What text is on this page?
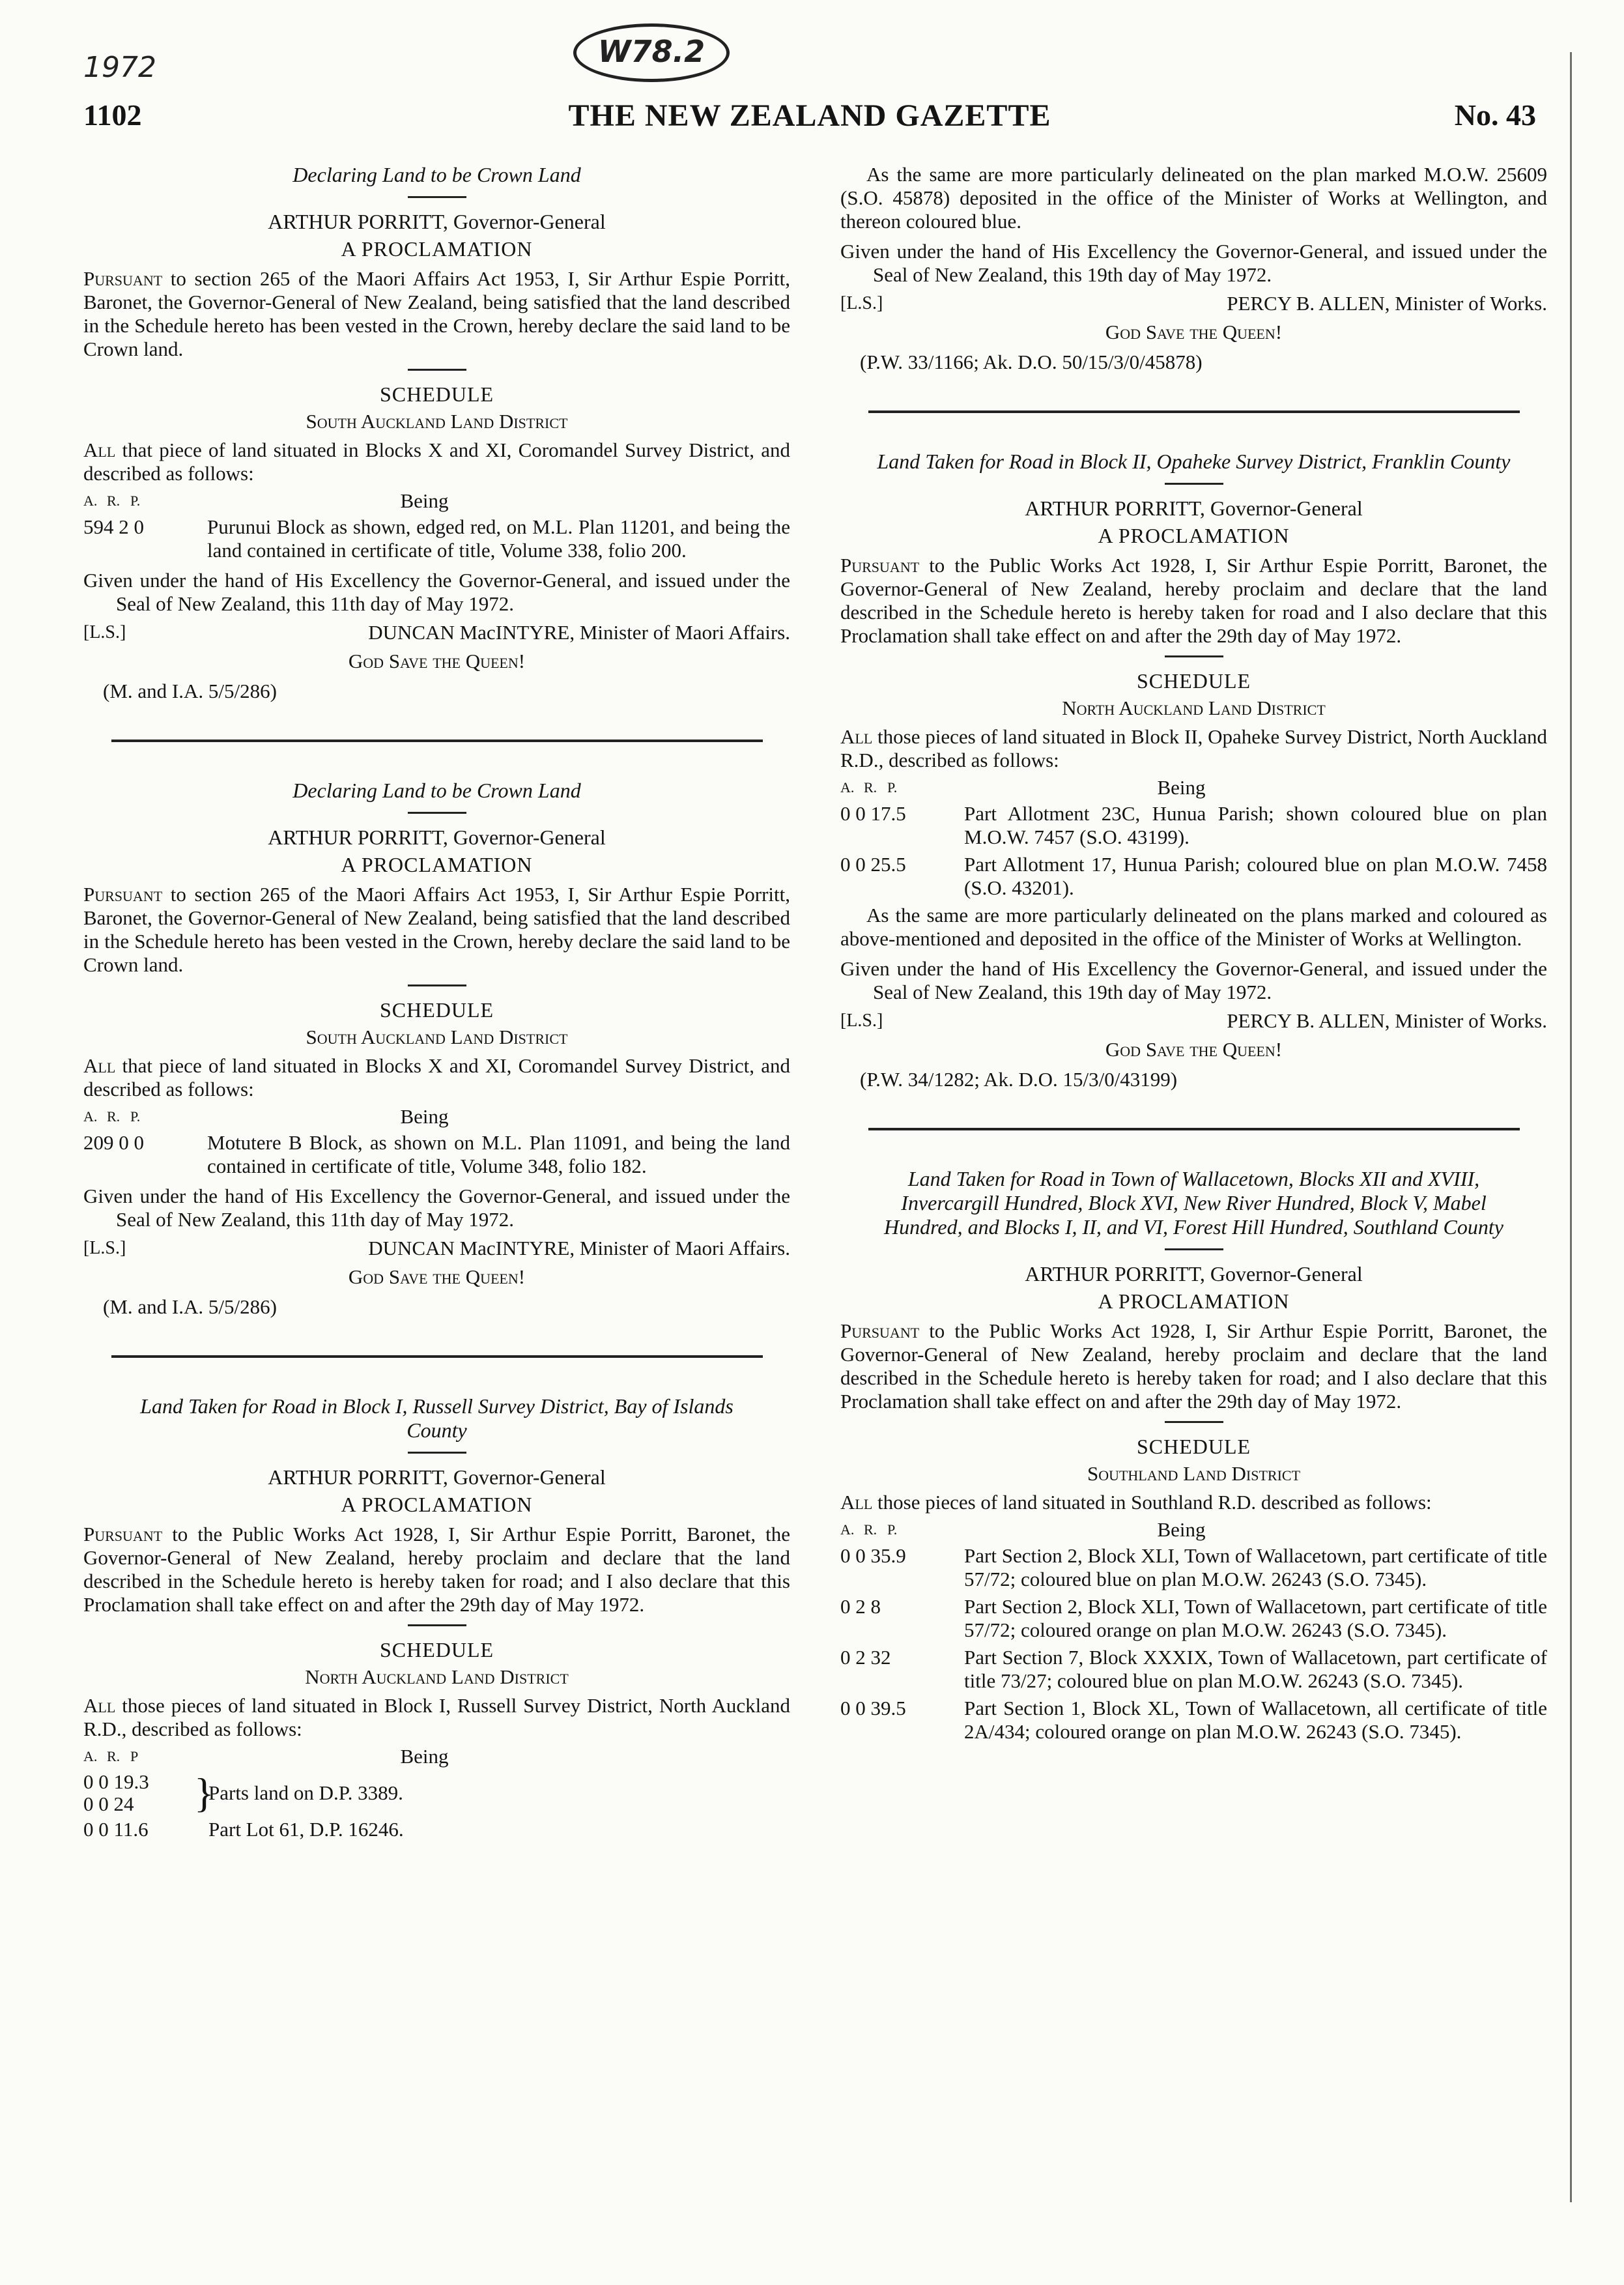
1972	W78.2
1102	THE NEW ZEALAND GAZETTE	No. 43
Declaring Land to be Crown Land
ARTHUR PORRITT, Governor-General
A PROCLAMATION

Pursuant to section 265 of the Maori Affairs Act 1953, I, Sir Arthur Espie Porritt, Baronet, the Governor-General of New Zealand, being satisfied that the land described in the Schedule hereto has been vested in the Crown, hereby declare the said land to be Crown land.

SCHEDULE
South Auckland Land District

All that piece of land situated in Blocks X and XI, Coromandel Survey District, and described as follows:

A. R. P.	Being
594 2 0	Purunui Block as shown, edged red, on M.L. Plan 11201, and being the land contained in certificate of title, Volume 338, folio 200.

Given under the hand of His Excellency the Governor-General, and issued under the Seal of New Zealand, this 11th day of May 1972.

[L.S.]	DUNCAN MacINTYRE, Minister of Maori Affairs.
God Save the Queen!
(M. and I.A. 5/5/286)
Declaring Land to be Crown Land
ARTHUR PORRITT, Governor-General
A PROCLAMATION

Pursuant to section 265 of the Maori Affairs Act 1953, I, Sir Arthur Espie Porritt, Baronet, the Governor-General of New Zealand, being satisfied that the land described in the Schedule hereto has been vested in the Crown, hereby declare the said land to be Crown land.

SCHEDULE
South Auckland Land District

All that piece of land situated in Blocks X and XI, Coromandel Survey District, and described as follows:

A. R. P.	Being
209 0 0	Motutere B Block, as shown on M.L. Plan 11091, and being the land contained in certificate of title, Volume 348, folio 182.

Given under the hand of His Excellency the Governor-General, and issued under the Seal of New Zealand, this 11th day of May 1972.

[L.S.]	DUNCAN MacINTYRE, Minister of Maori Affairs.
God Save the Queen!
(M. and I.A. 5/5/286)
Land Taken for Road in Block I, Russell Survey District, Bay of Islands County
ARTHUR PORRITT, Governor-General
A PROCLAMATION

Pursuant to the Public Works Act 1928, I, Sir Arthur Espie Porritt, Baronet, the Governor-General of New Zealand, hereby proclaim and declare that the land described in the Schedule hereto is hereby taken for road; and I also declare that this Proclamation shall take effect on and after the 29th day of May 1972.

SCHEDULE
North Auckland Land District

All those pieces of land situated in Block I, Russell Survey District, North Auckland R.D., described as follows:

A. R. P	Being
0 0 19.3
0 0 24	}
Parts land on D.P. 3389.
0 0 11.6	Part Lot 61, D.P. 16246.

As the same are more particularly delineated on the plan marked M.O.W. 25609 (S.O. 45878) deposited in the office of the Minister of Works at Wellington, and thereon coloured blue.

Given under the hand of His Excellency the Governor-General, and issued under the Seal of New Zealand, this 19th day of May 1972.

[L.S.]	PERCY B. ALLEN, Minister of Works.
God Save the Queen!
(P.W. 33/1166; Ak. D.O. 50/15/3/0/45878)
Land Taken for Road in Block II, Opaheke Survey District, Franklin County
ARTHUR PORRITT, Governor-General
A PROCLAMATION

Pursuant to the Public Works Act 1928, I, Sir Arthur Espie Porritt, Baronet, the Governor-General of New Zealand, hereby proclaim and declare that the land described in the Schedule hereto is hereby taken for road and I also declare that this Proclamation shall take effect on and after the 29th day of May 1972.

SCHEDULE
North Auckland Land District

All those pieces of land situated in Block II, Opaheke Survey District, North Auckland R.D., described as follows:

A. R. P.	Being
0 0 17.5	Part Allotment 23C, Hunua Parish; shown coloured blue on plan M.O.W. 7457 (S.O. 43199).
0 0 25.5	Part Allotment 17, Hunua Parish; coloured blue on plan M.O.W. 7458 (S.O. 43201).

As the same are more particularly delineated on the plans marked and coloured as above-mentioned and deposited in the office of the Minister of Works at Wellington.

Given under the hand of His Excellency the Governor-General, and issued under the Seal of New Zealand, this 19th day of May 1972.

[L.S.]	PERCY B. ALLEN, Minister of Works.
God Save the Queen!
(P.W. 34/1282; Ak. D.O. 15/3/0/43199)
Land Taken for Road in Town of Wallacetown, Blocks XII and XVIII, Invercargill Hundred, Block XVI, New River Hundred, Block V, Mabel Hundred, and Blocks I, II, and VI, Forest Hill Hundred, Southland County
ARTHUR PORRITT, Governor-General
A PROCLAMATION

Pursuant to the Public Works Act 1928, I, Sir Arthur Espie Porritt, Baronet, the Governor-General of New Zealand, hereby proclaim and declare that the land described in the Schedule hereto is hereby taken for road; and I also declare that this Proclamation shall take effect on and after the 29th day of May 1972.

SCHEDULE
Southland Land District

All those pieces of land situated in Southland R.D. described as follows:

A. R. P.	Being
0 0 35.9	Part Section 2, Block XLI, Town of Wallacetown, part certificate of title 57/72; coloured blue on plan M.O.W. 26243 (S.O. 7345).
0 2 8	Part Section 2, Block XLI, Town of Wallacetown, part certificate of title 57/72; coloured orange on plan M.O.W. 26243 (S.O. 7345).
0 2 32	Part Section 7, Block XXXIX, Town of Wallacetown, part certificate of title 73/27; coloured blue on plan M.O.W. 26243 (S.O. 7345).
0 0 39.5	Part Section 1, Block XL, Town of Wallacetown, all certificate of title 2A/434; coloured orange on plan M.O.W. 26243 (S.O. 7345).
